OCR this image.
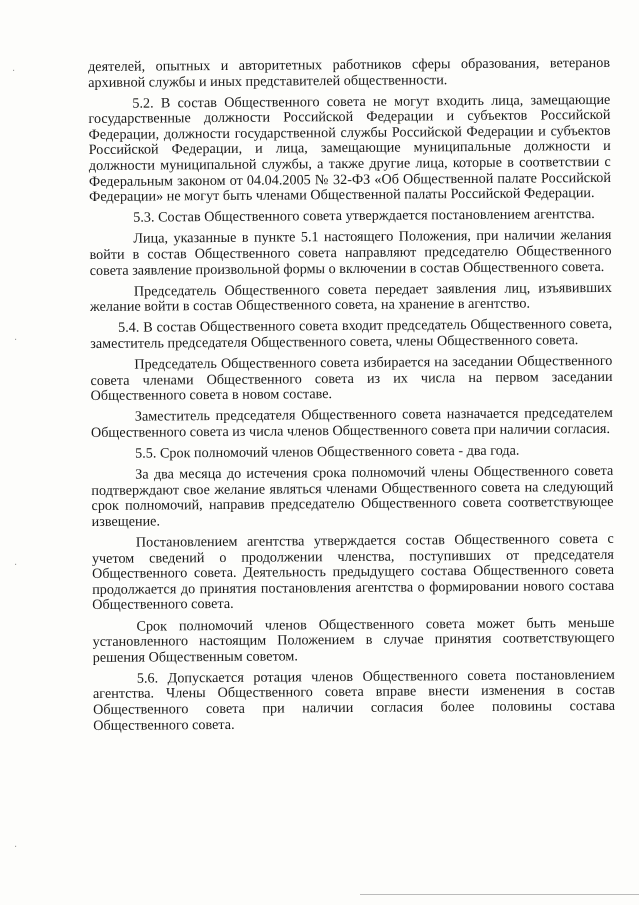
·
·
·
·

деятелей, опытных и авторитетных работников сферы образования, ветеранов архивной службы и иных представителей общественности.

5.2. В состав Общественного совета не могут входить лица, замещающие государственные должности Российской Федерации и субъектов Российской Федерации, должности государственной службы Российской Федерации и субъектов Российской Федерации, и лица, замещающие муниципальные должности и должности муниципальной службы, а также другие лица, которые в соответствии с Федеральным законом от 04.04.2005 № 32-ФЗ «Об Общественной палате Российской Федерации» не могут быть членами Общественной палаты Российской Федерации.

5.3. Состав Общественного совета утверждается постановлением агентства.

Лица, указанные в пункте 5.1 настоящего Положения, при наличии желания войти в состав Общественного совета направляют председателю Общественного совета заявление произвольной формы о включении в состав Общественного совета.

Председатель Общественного совета передает заявления лиц, изъявивших желание войти в состав Общественного совета, на хранение в агентство.

5.4. В состав Общественного совета входит председатель Общественного совета, заместитель председателя Общественного совета, члены Общественного совета.

Председатель Общественного совета избирается на заседании Общественного совета членами Общественного совета из их числа на первом заседании Общественного совета в новом составе.

Заместитель председателя Общественного совета назначается председателем Общественного совета из числа членов Общественного совета при наличии согласия.

5.5. Срок полномочий членов Общественного совета - два года.

За два месяца до истечения срока полномочий члены Общественного совета подтверждают свое желание являться членами Общественного совета на следующий срок полномочий, направив председателю Общественного совета соответствующее извещение.

Постановлением агентства утверждается состав Общественного совета с учетом сведений о продолжении членства, поступивших от председателя Общественного совета. Деятельность предыдущего состава Общественного совета продолжается до принятия постановления агентства о формировании нового состава Общественного совета.

Срок полномочий членов Общественного совета может быть меньше установленного настоящим Положением в случае принятия соответствующего решения Общественным советом.

5.6. Допускается ротация членов Общественного совета постановлением агентства. Члены Общественного совета вправе внести изменения в состав Общественного совета при наличии согласия более половины состава Общественного совета.
